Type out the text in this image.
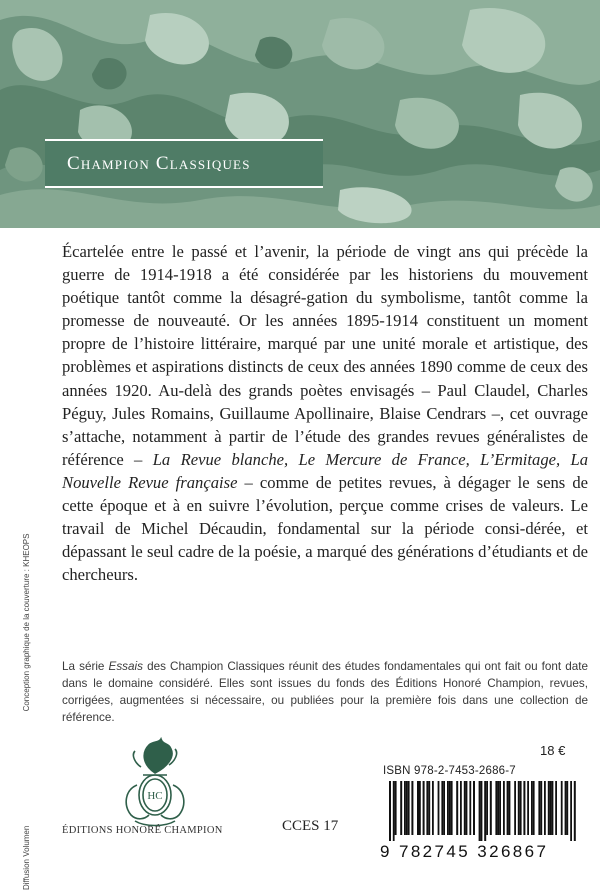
Champion Classiques

Écartelée entre le passé et l’avenir, la période de vingt ans qui précède la guerre de 1914-1918 a été considérée par les historiens du mouvement poétique tantôt comme la désagré-gation du symbolisme, tantôt comme la promesse de nouveauté. Or les années 1895-1914 constituent un moment propre de l’histoire littéraire, marqué par une unité morale et artistique, des problèmes et aspirations distincts de ceux des années 1890 comme de ceux des années 1920. Au-delà des grands poètes envisagés – Paul Claudel, Charles Péguy, Jules Romains, Guillaume Apollinaire, Blaise Cendrars –, cet ouvrage s’attache, notamment à partir de l’étude des grandes revues généralistes de référence – La Revue blanche, Le Mercure de France, L’Ermitage, La Nouvelle Revue française – comme de petites revues, à dégager le sens de cette époque et à en suivre l’évolution, perçue comme crises de valeurs. Le travail de Michel Décaudin, fondamental sur la période consi-dérée, et dépassant le seul cadre de la poésie, a marqué des générations d’étudiants et de chercheurs.

La série Essais des Champion Classiques réunit des études fondamentales qui ont fait ou font date dans le domaine considéré. Elles sont issues du fonds des Éditions Honoré Champion, revues, corrigées, augmentées si nécessaire, ou publiées pour la première fois dans une collection de référence.

Diffusion Volumen Conception graphique de la couverture : KHEOPS
HC
ÉDITIONS HONORÉ CHAMPION	CCES 17
18 €
ISBN 978-2-7453-2686-7
9 782745 326867
